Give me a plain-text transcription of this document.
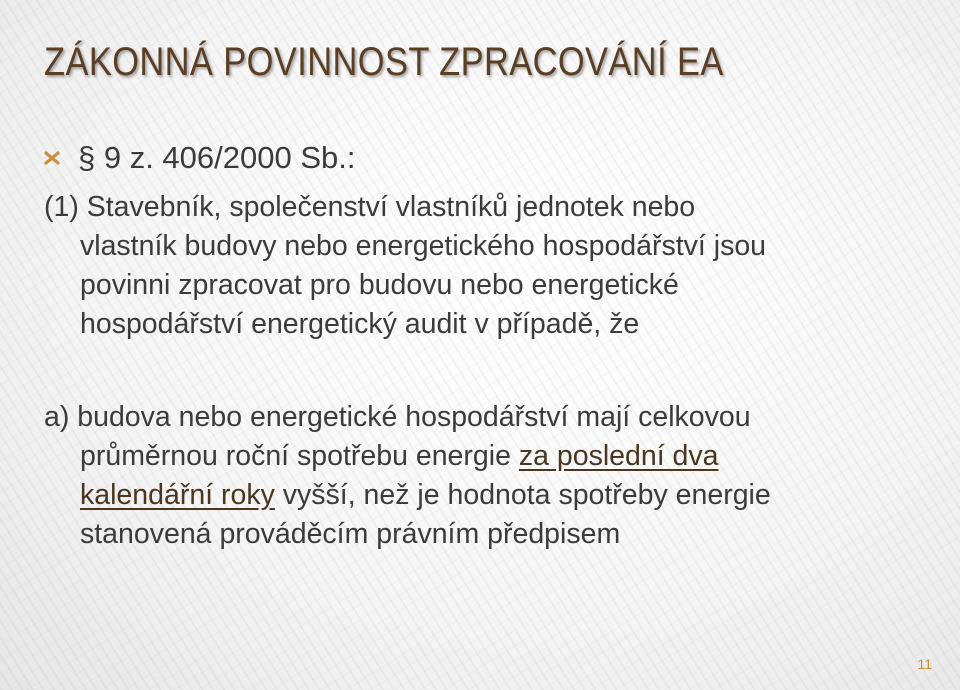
ZÁKONNÁ POVINNOST ZPRACOVÁNÍ EA
§ 9 z. 406/2000 Sb.:
(1) Stavebník, společenství vlastníků jednotek nebo
vlastník budovy nebo energetického hospodářství jsou
povinni zpracovat pro budovu nebo energetické
hospodářství energetický audit v případě, že
a) budova nebo energetické hospodářství mají celkovou
průměrnou roční spotřebu energie za poslední dva
kalendářní roky vyšší, než je hodnota spotřeby energie
stanovená prováděcím právním předpisem
11
